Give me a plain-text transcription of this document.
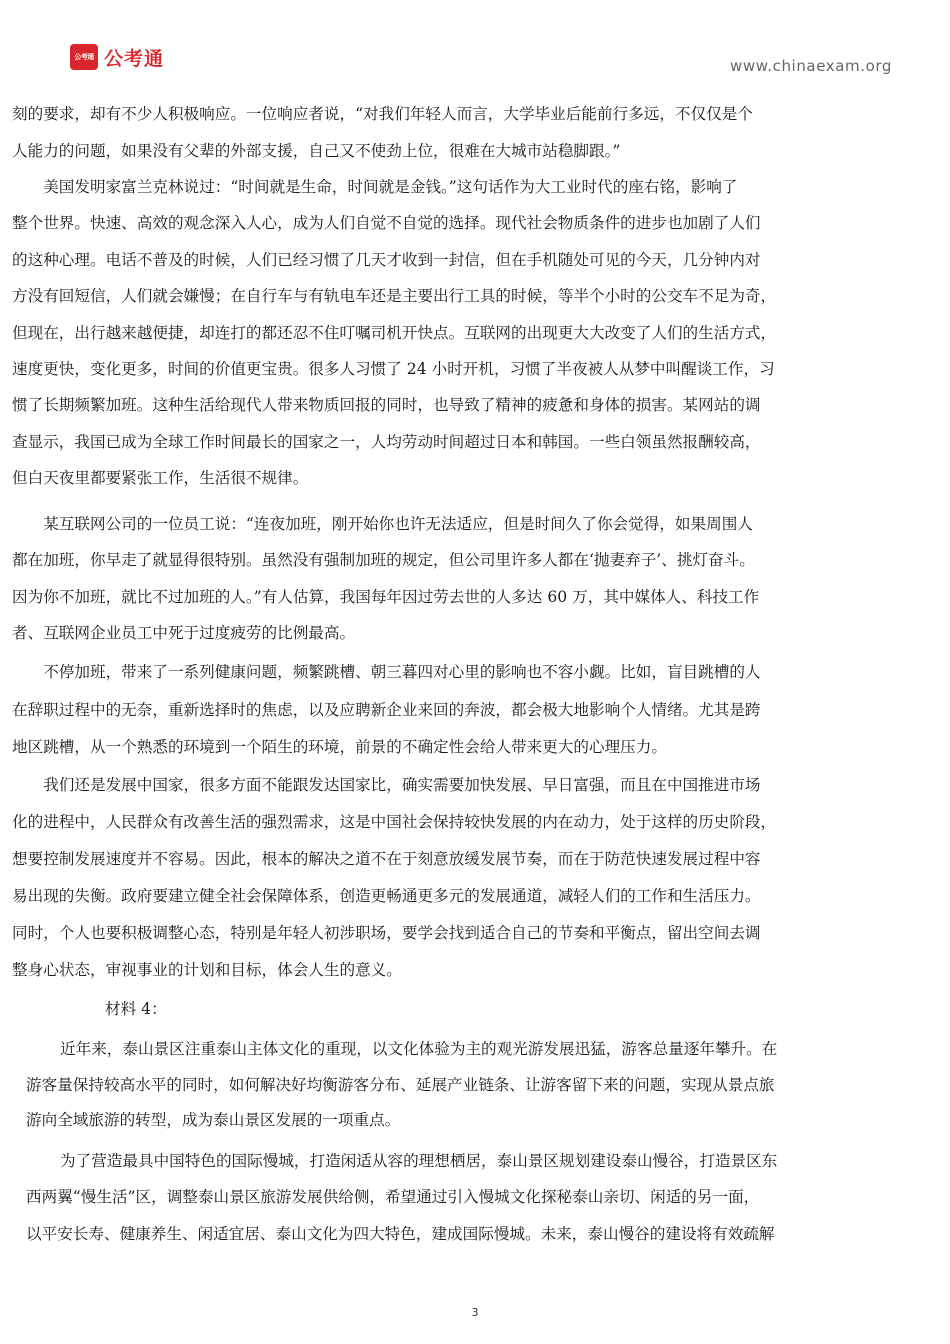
公考通 公考通	www.chinaexam.org
刻的要求，却有不少人积极响应。一位响应者说，“对我们年轻人而言，大学毕业后能前行多远，不仅仅是个
人能力的问题，如果没有父辈的外部支援，自己又不使劲上位，很难在大城市站稳脚跟。”
　　美国发明家富兰克林说过：“时间就是生命，时间就是金钱。”这句话作为大工业时代的座右铭，影响了
整个世界。快速、高效的观念深入人心，成为人们自觉不自觉的选择。现代社会物质条件的进步也加剧了人们
的这种心理。电话不普及的时候，人们已经习惯了几天才收到一封信，但在手机随处可见的今天，几分钟内对
方没有回短信，人们就会嫌慢；在自行车与有轨电车还是主要出行工具的时候，等半个小时的公交车不足为奇，
但现在，出行越来越便捷，却连打的都还忍不住叮嘱司机开快点。互联网的出现更大大改变了人们的生活方式，
速度更快，变化更多，时间的价值更宝贵。很多人习惯了 24 小时开机，习惯了半夜被人从梦中叫醒谈工作，习
惯了长期频繁加班。这种生活给现代人带来物质回报的同时，也导致了精神的疲惫和身体的损害。某网站的调
查显示，我国已成为全球工作时间最长的国家之一，人均劳动时间超过日本和韩国。一些白领虽然报酬较高，
但白天夜里都要紧张工作，生活很不规律。
　　某互联网公司的一位员工说：“连夜加班，刚开始你也许无法适应，但是时间久了你会觉得，如果周围人
都在加班，你早走了就显得很特别。虽然没有强制加班的规定，但公司里许多人都在‘抛妻弃子’、挑灯奋斗。
因为你不加班，就比不过加班的人。”有人估算，我国每年因过劳去世的人多达 60 万，其中媒体人、科技工作
者、互联网企业员工中死于过度疲劳的比例最高。
　　不停加班，带来了一系列健康问题，频繁跳槽、朝三暮四对心里的影响也不容小觑。比如，盲目跳槽的人
在辞职过程中的无奈，重新选择时的焦虑，以及应聘新企业来回的奔波，都会极大地影响个人情绪。尤其是跨
地区跳槽，从一个熟悉的环境到一个陌生的环境，前景的不确定性会给人带来更大的心理压力。
　　我们还是发展中国家，很多方面不能跟发达国家比，确实需要加快发展、早日富强，而且在中国推进市场
化的进程中，人民群众有改善生活的强烈需求，这是中国社会保持较快发展的内在动力，处于这样的历史阶段，
想要控制发展速度并不容易。因此，根本的解决之道不在于刻意放缓发展节奏，而在于防范快速发展过程中容
易出现的失衡。政府要建立健全社会保障体系，创造更畅通更多元的发展通道，减轻人们的工作和生活压力。
同时，个人也要积极调整心态，特别是年轻人初涉职场，要学会找到适合自己的节奏和平衡点，留出空间去调
整身心状态，审视事业的计划和目标，体会人生的意义。
材料 4：
近年来，泰山景区注重泰山主体文化的重现，以文化体验为主的观光游发展迅猛，游客总量逐年攀升。在
游客量保持较高水平的同时，如何解决好均衡游客分布、延展产业链条、让游客留下来的问题，实现从景点旅
游向全域旅游的转型，成为泰山景区发展的一项重点。
为了营造最具中国特色的国际慢城，打造闲适从容的理想栖居，泰山景区规划建设泰山慢谷，打造景区东
西两翼“慢生活”区，调整泰山景区旅游发展供给侧，希望通过引入慢城文化探秘泰山亲切、闲适的另一面，
以平安长寿、健康养生、闲适宜居、泰山文化为四大特色，建成国际慢城。未来，泰山慢谷的建设将有效疏解
3
